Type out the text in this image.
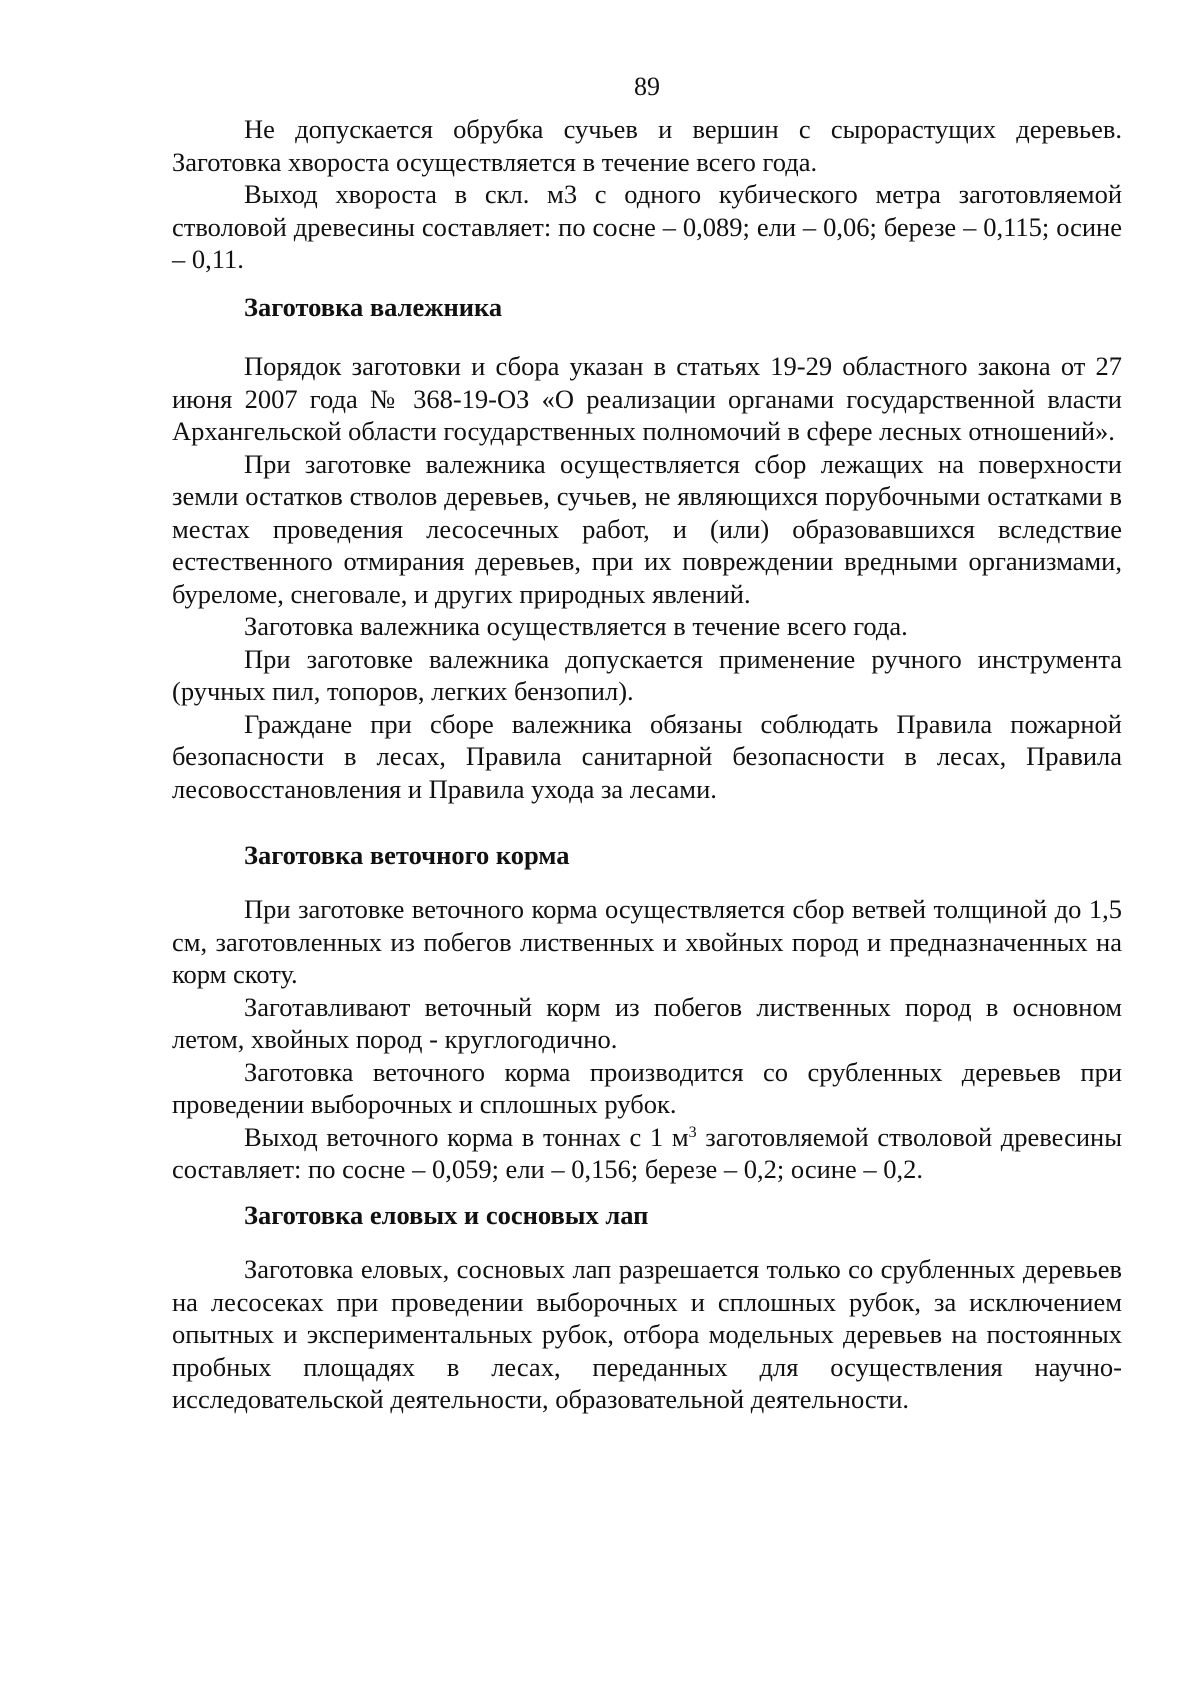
89

Не допускается обрубка сучьев и вершин с сырорастущих деревьев. Заготовка хвороста осуществляется в течение всего года.

Выход хвороста в скл. м3 с одного кубического метра заготовляемой стволовой древесины составляет: по сосне – 0,089; ели – 0,06; березе – 0,115; осине – 0,11.

Заготовка валежника

Порядок заготовки и сбора указан в статьях 19-29 областного закона от 27 июня 2007 года № 368-19-ОЗ «О реализации органами государственной власти Архангельской области государственных полномочий в сфере лесных отношений».

При заготовке валежника осуществляется сбор лежащих на поверхности земли остатков стволов деревьев, сучьев, не являющихся порубочными остатками в местах проведения лесосечных работ, и (или) образовавшихся вследствие естественного отмирания деревьев, при их повреждении вредными организмами, буреломе, снеговале, и других природных явлений.

Заготовка валежника осуществляется в течение всего года.

При заготовке валежника допускается применение ручного инструмента (ручных пил, топоров, легких бензопил).

Граждане при сборе валежника обязаны соблюдать Правила пожарной безопасности в лесах, Правила санитарной безопасности в лесах, Правила лесовосстановления и Правила ухода за лесами.

Заготовка веточного корма

При заготовке веточного корма осуществляется сбор ветвей толщиной до 1,5 см, заготовленных из побегов лиственных и хвойных пород и предназначенных на корм скоту.

Заготавливают веточный корм из побегов лиственных пород в основном летом, хвойных пород - круглогодично.

Заготовка веточного корма производится со срубленных деревьев при проведении выборочных и сплошных рубок.

Выход веточного корма в тоннах с 1 $м^3$ заготовляемой стволовой древесины составляет: по сосне – 0,059; ели – 0,156; березе – 0,2; осине – 0,2.

Заготовка еловых и сосновых лап

Заготовка еловых, сосновых лап разрешается только со срубленных деревьев на лесосеках при проведении выборочных и сплошных рубок, за исключением опытных и экспериментальных рубок, отбора модельных деревьев на постоянных пробных площадях в лесах, переданных для осуществления научно-исследовательской деятельности, образовательной деятельности.
